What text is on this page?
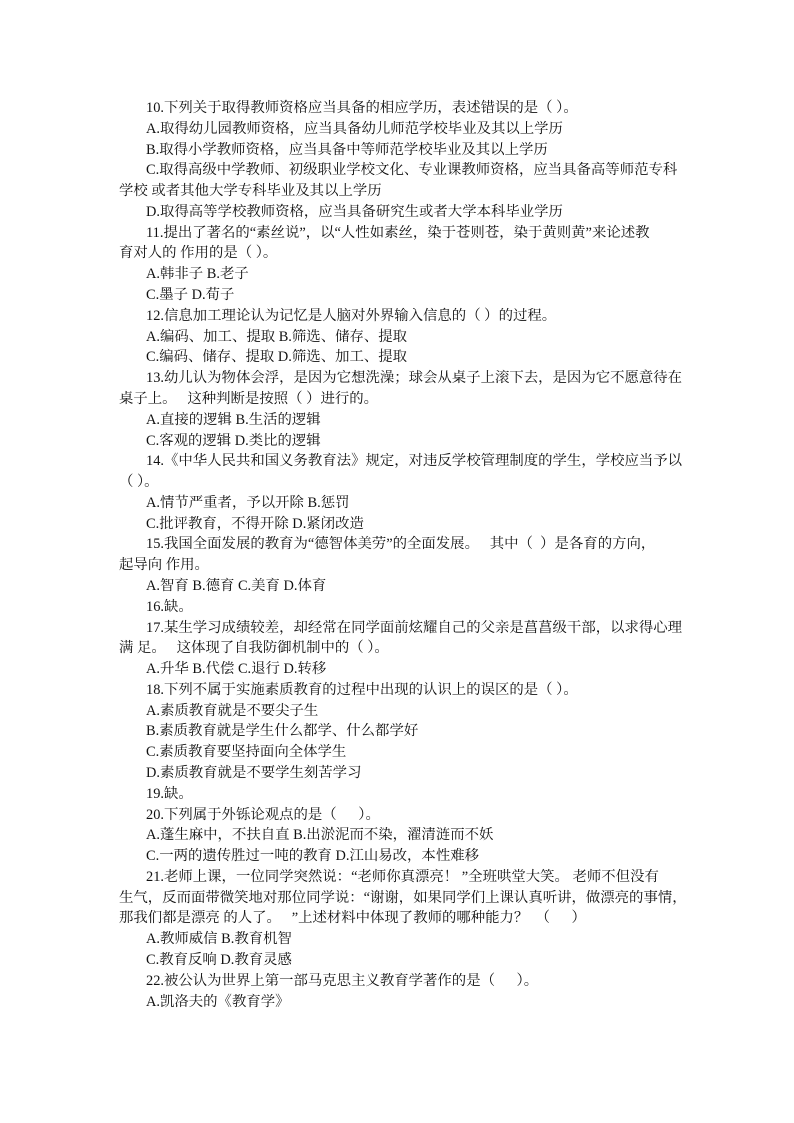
10.下列关于取得教师资格应当具备的相应学历，表述错误的是（ ）。
A.取得幼儿园教师资格，应当具备幼儿师范学校毕业及其以上学历
B.取得小学教师资格，应当具备中等师范学校毕业及其以上学历
C.取得高级中学教师、初级职业学校文化、专业课教师资格，应当具备高等师范专科
学校 或者其他大学专科毕业及其以上学历
D.取得高等学校教师资格，应当具备研究生或者大学本科毕业学历
11.提出了著名的“素丝说”，以“人性如素丝，染于苍则苍，染于黄则黄”来论述教
育对人的 作用的是（ ）。
A.韩非子 B.老子
C.墨子 D.荀子
12.信息加工理论认为记忆是人脑对外界输入信息的（ ）的过程。
A.编码、加工、提取 B.筛选、储存、提取
C.编码、储存、提取 D.筛选、加工、提取
13.幼儿认为物体会浮，是因为它想洗澡；球会从桌子上滚下去，是因为它不愿意待在
桌子上。   这种判断是按照（ ）进行的。
A.直接的逻辑 B.生活的逻辑
C.客观的逻辑 D.类比的逻辑
14.《中华人民共和国义务教育法》规定，对违反学校管理制度的学生，学校应当予以
（ ）。
A.情节严重者，予以开除 B.惩罚
C.批评教育，不得开除 D.紧闭改造
15.我国全面发展的教育为“德智体美劳”的全面发展。   其中（  ）是各育的方向，
起导向 作用。
A.智育 B.德育 C.美育 D.体育
16.缺。
17.某生学习成绩较差，却经常在同学面前炫耀自己的父亲是菖菖级干部，以求得心理
满 足。   这体现了自我防御机制中的（ ）。
A.升华 B.代偿 C.退行 D.转移
18.下列不属于实施素质教育的过程中出现的认识上的误区的是（ ）。
A.素质教育就是不要尖子生
B.素质教育就是学生什么都学、什么都学好
C.素质教育要坚持面向全体学生
D.素质教育就是不要学生刻苦学习
19.缺。
20.下列属于外铄论观点的是（      ）。
A.蓬生麻中，不扶自直 B.出淤泥而不染，濯清涟而不妖
C.一两的遗传胜过一吨的教育 D.江山易改，本性难移
21.老师上课，一位同学突然说：“老师你真漂亮！ ”全班哄堂大笑。 老师不但没有
生气，反而面带微笑地对那位同学说：“谢谢，如果同学们上课认真听讲，做漂亮的事情，
那我们都是漂亮 的人了。   ”上述材料中体现了教师的哪种能力？  （      ）
A.教师威信 B.教育机智
C.教育反响 D.教育灵感
22.被公认为世界上第一部马克思主义教育学著作的是（      ）。
A.凯洛夫的《教育学》
